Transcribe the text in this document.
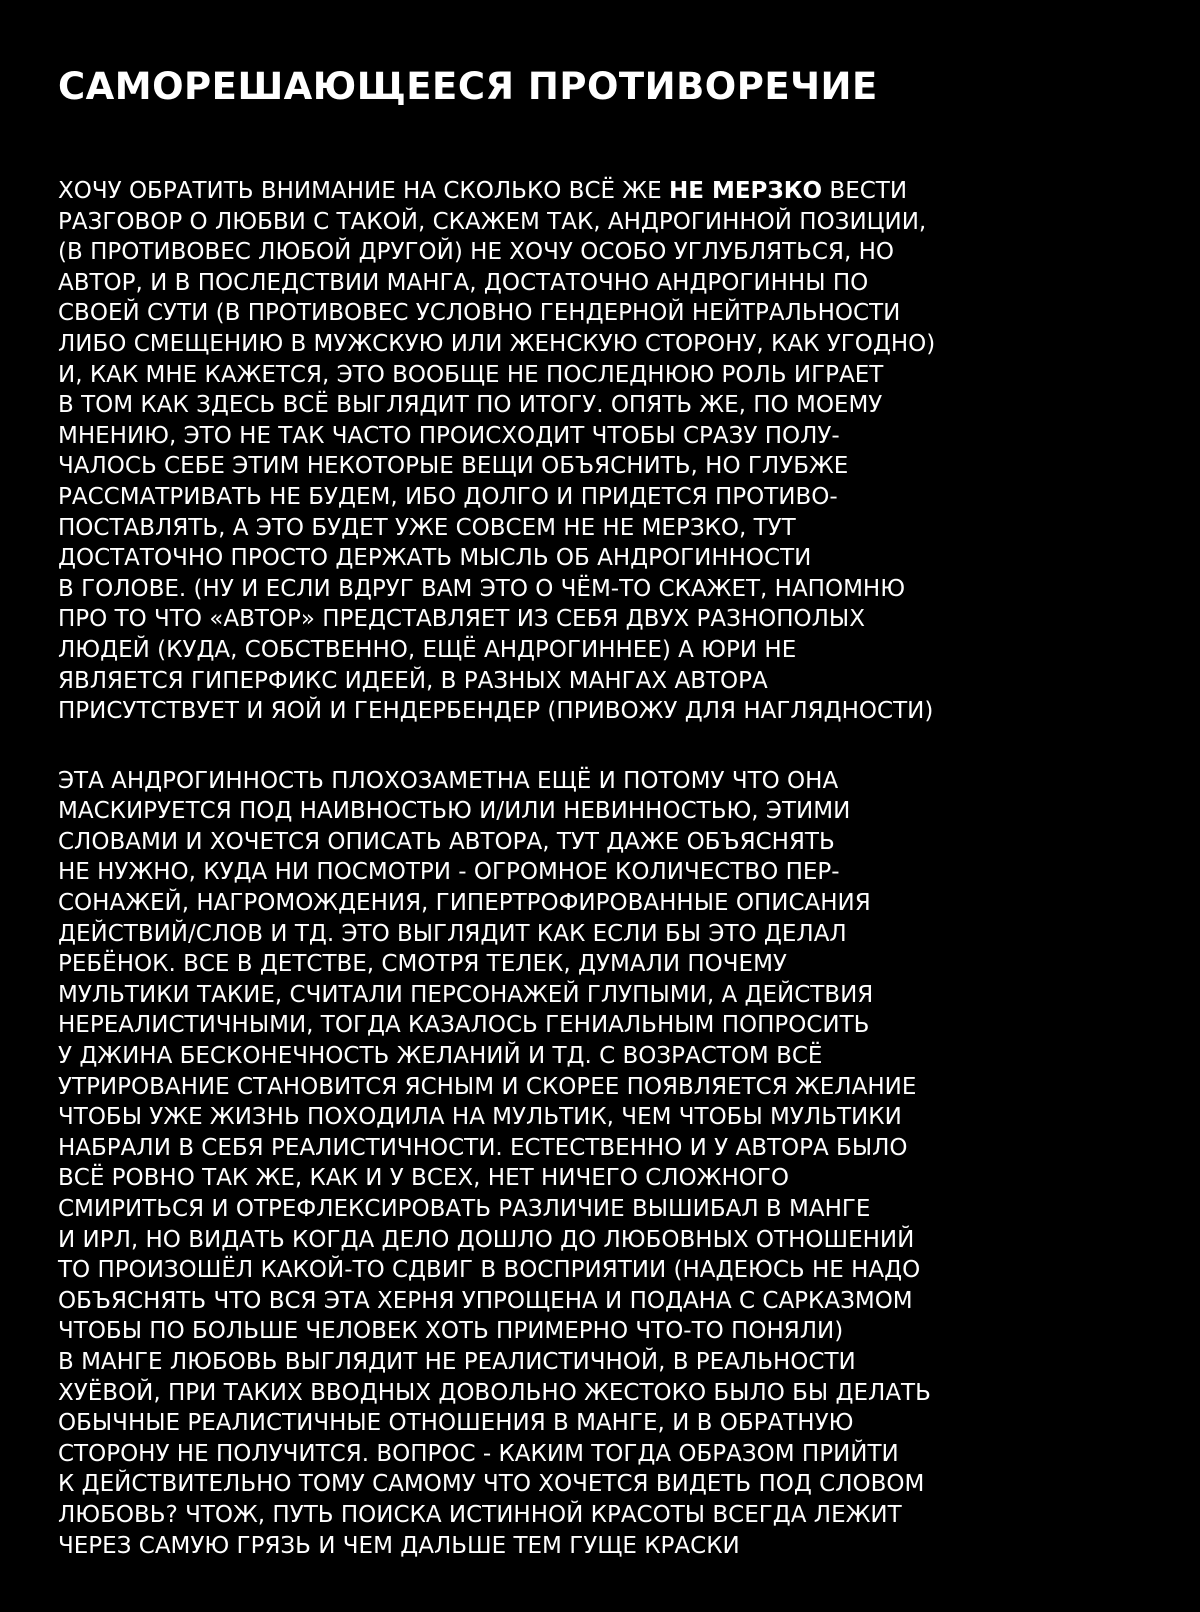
САМОРЕШАЮЩЕЕСЯ ПРОТИВОРЕЧИЕ
ХОЧУ ОБРАТИТЬ ВНИМАНИЕ НА СКОЛЬКО ВСЁ ЖЕ НЕ МЕРЗКО ВЕСТИ
РАЗГОВОР О ЛЮБВИ С ТАКОЙ, СКАЖЕМ ТАК, АНДРОГИННОЙ ПОЗИЦИИ,
(В ПРОТИВОВЕС ЛЮБОЙ ДРУГОЙ) НЕ ХОЧУ ОСОБО УГЛУБЛЯТЬСЯ, НО
АВТОР, И В ПОСЛЕДСТВИИ МАНГА, ДОСТАТОЧНО АНДРОГИННЫ ПО
СВОЕЙ СУТИ (В ПРОТИВОВЕС УСЛОВНО ГЕНДЕРНОЙ НЕЙТРАЛЬНОСТИ
ЛИБО СМЕЩЕНИЮ В МУЖСКУЮ ИЛИ ЖЕНСКУЮ СТОРОНУ, КАК УГОДНО)
И, КАК МНЕ КАЖЕТСЯ, ЭТО ВООБЩЕ НЕ ПОСЛЕДНЮЮ РОЛЬ ИГРАЕТ
В ТОМ КАК ЗДЕСЬ ВСЁ ВЫГЛЯДИТ ПО ИТОГУ. ОПЯТЬ ЖЕ, ПО МОЕМУ
МНЕНИЮ, ЭТО НЕ ТАК ЧАСТО ПРОИСХОДИТ ЧТОБЫ СРАЗУ ПОЛУ-
ЧАЛОСЬ СЕБЕ ЭТИМ НЕКОТОРЫЕ ВЕЩИ ОБЪЯСНИТЬ, НО ГЛУБЖЕ
РАССМАТРИВАТЬ НЕ БУДЕМ, ИБО ДОЛГО И ПРИДЕТСЯ ПРОТИВО-
ПОСТАВЛЯТЬ, А ЭТО БУДЕТ УЖЕ СОВСЕМ НЕ НЕ МЕРЗКО, ТУТ
ДОСТАТОЧНО ПРОСТО ДЕРЖАТЬ МЫСЛЬ ОБ АНДРОГИННОСТИ
В ГОЛОВЕ. (НУ И ЕСЛИ ВДРУГ ВАМ ЭТО О ЧЁМ-ТО СКАЖЕТ, НАПОМНЮ
ПРО ТО ЧТО «АВТОР» ПРЕДСТАВЛЯЕТ ИЗ СЕБЯ ДВУХ РАЗНОПОЛЫХ
ЛЮДЕЙ (КУДА, СОБСТВЕННО, ЕЩЁ АНДРОГИННЕЕ) А ЮРИ НЕ
ЯВЛЯЕТСЯ ГИПЕРФИКС ИДЕЕЙ, В РАЗНЫХ МАНГАХ АВТОРА
ПРИСУТСТВУЕТ И ЯОЙ И ГЕНДЕРБЕНДЕР (ПРИВОЖУ ДЛЯ НАГЛЯДНОСТИ)
ЭТА АНДРОГИННОСТЬ ПЛОХОЗАМЕТНА ЕЩЁ И ПОТОМУ ЧТО ОНА
МАСКИРУЕТСЯ ПОД НАИВНОСТЬЮ И/ИЛИ НЕВИННОСТЬЮ, ЭТИМИ
СЛОВАМИ И ХОЧЕТСЯ ОПИСАТЬ АВТОРА, ТУТ ДАЖЕ ОБЪЯСНЯТЬ
НЕ НУЖНО, КУДА НИ ПОСМОТРИ - ОГРОМНОЕ КОЛИЧЕСТВО ПЕР-
СОНАЖЕЙ, НАГРОМОЖДЕНИЯ, ГИПЕРТРОФИРОВАННЫЕ ОПИСАНИЯ
ДЕЙСТВИЙ/СЛОВ И ТД. ЭТО ВЫГЛЯДИТ КАК ЕСЛИ БЫ ЭТО ДЕЛАЛ
РЕБЁНОК. ВСЕ В ДЕТСТВЕ, СМОТРЯ ТЕЛЕК, ДУМАЛИ ПОЧЕМУ
МУЛЬТИКИ ТАКИЕ, СЧИТАЛИ ПЕРСОНАЖЕЙ ГЛУПЫМИ, А ДЕЙСТВИЯ
НЕРЕАЛИСТИЧНЫМИ, ТОГДА КАЗАЛОСЬ ГЕНИАЛЬНЫМ ПОПРОСИТЬ
У ДЖИНА БЕСКОНЕЧНОСТЬ ЖЕЛАНИЙ И ТД. С ВОЗРАСТОМ ВСЁ
УТРИРОВАНИЕ СТАНОВИТСЯ ЯСНЫМ И СКОРЕЕ ПОЯВЛЯЕТСЯ ЖЕЛАНИЕ
ЧТОБЫ УЖЕ ЖИЗНЬ ПОХОДИЛА НА МУЛЬТИК, ЧЕМ ЧТОБЫ МУЛЬТИКИ
НАБРАЛИ В СЕБЯ РЕАЛИСТИЧНОСТИ. ЕСТЕСТВЕННО И У АВТОРА БЫЛО
ВСЁ РОВНО ТАК ЖЕ, КАК И У ВСЕХ, НЕТ НИЧЕГО СЛОЖНОГО
СМИРИТЬСЯ И ОТРЕФЛЕКСИРОВАТЬ РАЗЛИЧИЕ ВЫШИБАЛ В МАНГЕ
И ИРЛ, НО ВИДАТЬ КОГДА ДЕЛО ДОШЛО ДО ЛЮБОВНЫХ ОТНОШЕНИЙ
ТО ПРОИЗОШЁЛ КАКОЙ-ТО СДВИГ В ВОСПРИЯТИИ (НАДЕЮСЬ НЕ НАДО
ОБЪЯСНЯТЬ ЧТО ВСЯ ЭТА ХЕРНЯ УПРОЩЕНА И ПОДАНА С САРКАЗМОМ
ЧТОБЫ ПО БОЛЬШЕ ЧЕЛОВЕК ХОТЬ ПРИМЕРНО ЧТО-ТО ПОНЯЛИ)
В МАНГЕ ЛЮБОВЬ ВЫГЛЯДИТ НЕ РЕАЛИСТИЧНОЙ, В РЕАЛЬНОСТИ
ХУЁВОЙ, ПРИ ТАКИХ ВВОДНЫХ ДОВОЛЬНО ЖЕСТОКО БЫЛО БЫ ДЕЛАТЬ
ОБЫЧНЫЕ РЕАЛИСТИЧНЫЕ ОТНОШЕНИЯ В МАНГЕ, И В ОБРАТНУЮ
СТОРОНУ НЕ ПОЛУЧИТСЯ. ВОПРОС - КАКИМ ТОГДА ОБРАЗОМ ПРИЙТИ
К ДЕЙСТВИТЕЛЬНО ТОМУ САМОМУ ЧТО ХОЧЕТСЯ ВИДЕТЬ ПОД СЛОВОМ
ЛЮБОВЬ? ЧТОЖ, ПУТЬ ПОИСКА ИСТИННОЙ КРАСОТЫ ВСЕГДА ЛЕЖИТ
ЧЕРЕЗ САМУЮ ГРЯЗЬ И ЧЕМ ДАЛЬШЕ ТЕМ ГУЩЕ КРАСКИ
